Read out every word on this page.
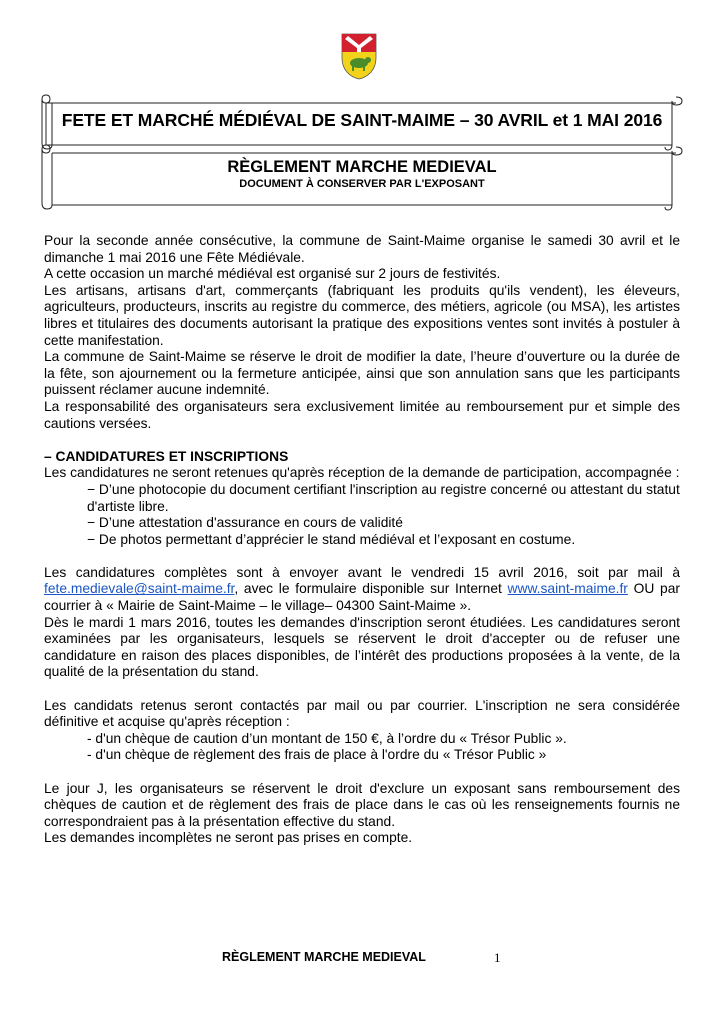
FETE ET MARCHÉ MÉDIÉVAL DE SAINT-MAIME – 30 AVRIL et 1 MAI 2016
RÈGLEMENT MARCHE MEDIEVAL
DOCUMENT À CONSERVER PAR L'EXPOSANT

Pour la seconde année consécutive, la commune de Saint-Maime organise le samedi 30 avril et le dimanche 1 mai 2016 une Fête Médiévale.

A cette occasion un marché médiéval est organisé sur 2 jours de festivités.

Les artisans, artisans d'art, commerçants (fabriquant les produits qu'ils vendent), les éleveurs, agriculteurs, producteurs, inscrits au registre du commerce, des métiers, agricole (ou MSA), les artistes libres et titulaires des documents autorisant la pratique des expositions ventes sont invités à postuler à cette manifestation.

La commune de Saint-Maime se réserve le droit de modifier la date, l’heure d’ouverture ou la durée de la fête, son ajournement ou la fermeture anticipée, ainsi que son annulation sans que les participants puissent réclamer aucune indemnité.

La responsabilité des organisateurs sera exclusivement limitée au remboursement pur et simple des cautions versées.

– CANDIDATURES ET INSCRIPTIONS

Les candidatures ne seront retenues qu'après réception de la demande de participation, accompagnée :

− D’une photocopie du document certifiant l'inscription au registre concerné ou attestant du statut d'artiste libre.
− D’une attestation d'assurance en cours de validité
− De photos permettant d’apprécier le stand médiéval et l’exposant en costume.

Les candidatures complètes sont à envoyer avant le vendredi 15 avril 2016, soit par mail à fete.medievale@saint-maime.fr, avec le formulaire disponible sur Internet www.saint-maime.fr OU par courrier à « Mairie de Saint-Maime – le village– 04300 Saint-Maime ».

Dès le mardi 1 mars 2016, toutes les demandes d'inscription seront étudiées. Les candidatures seront examinées par les organisateurs, lesquels se réservent le droit d'accepter ou de refuser une candidature en raison des places disponibles, de l’intérêt des productions proposées à la vente, de la qualité de la présentation du stand.

Les candidats retenus seront contactés par mail ou par courrier. L'inscription ne sera considérée définitive et acquise qu'après réception :

- d'un chèque de caution d’un montant de 150 €, à l’ordre du « Trésor Public ».
- d'un chèque de règlement des frais de place à l'ordre du « Trésor Public »

Le jour J, les organisateurs se réservent le droit d'exclure un exposant sans remboursement des chèques de caution et de règlement des frais de place dans le cas où les renseignements fournis ne correspondraient pas à la présentation effective du stand.

Les demandes incomplètes ne seront pas prises en compte.

RÈGLEMENT MARCHE MEDIEVAL	1
